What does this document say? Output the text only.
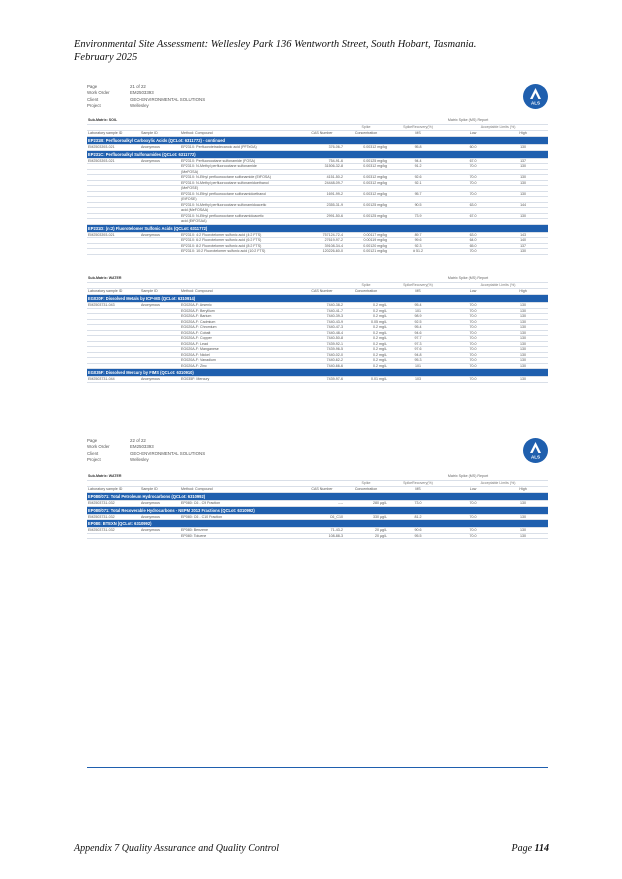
Environmental Site Assessment: Wellesley Park 136 Wentworth Street, South Hobart, Tasmania.
February 2025
Page	21 of 22
Work Order	EM2503393
Client	GEO-ENVIRONMENTAL SOLUTIONS
Project	Wellesley	ALS
Sub-Matrix: SOIL					Matrix Spike (MS) Report		
				Spike	SpikeRecovery(%)	Acceptable Limits (%)	
Laboratory sample ID	Sample ID	Method: Compound	CAS Number	Concentration	MS	Low	High
EP231B: Perfluoroalkyl Carboxylic Acids (QCLot: 6311772) - continued							
EM2503393-021	Anonymous	EP231X: Perfluorotetradecanoic acid (PFTeDA)	376-06-7	0.00312 mg/kg	95.8	60.0	130
EP231C: Perfluoroalkyl Sulfonamides (QCLot: 6311772)							
EM2503393-021	Anonymous	EP231X: Perfluorooctane sulfonamide (FOSA)	754-91-6	0.00125 mg/kg	94.4	67.0	137
		EP231X: N-Methyl perfluorooctane sulfonamide	31506-32-8	0.00312 mg/kg	91.2	70.0	130
		(MeFOSA)					
		EP231X: N-Ethyl perfluorooctane sulfonamide (EtFOSA)	4151-50-2	0.00312 mg/kg	92.6	70.0	130
		EP231X: N-Methyl perfluorooctane sulfonamidoethanol	24448-09-7	0.00312 mg/kg	92.1	70.0	130
		(MeFOSE)					
		EP231X: N-Ethyl perfluorooctane sulfonamidoethanol	1691-99-2	0.00312 mg/kg	95.7	70.0	130
		(EtFOSE)					
		EP231X: N-Methyl perfluorooctane sulfonamidoacetic	2355-31-9	0.00125 mg/kg	90.5	63.0	144
		acid (MeFOSAA)					
		EP231X: N-Ethyl perfluorooctane sulfonamidoacetic	2991-50-6	0.00125 mg/kg	73.9	67.0	130
		acid (EtFOSAA)					
EP231D: (n:2) Fluorotelomer Sulfonic Acids (QCLot: 6311772)							
EM2503393-021	Anonymous	EP231X: 4:2 Fluorotelomer sulfonic acid (4:2 FTS)	757124-72-4	0.00117 mg/kg	89.7	63.0	143
		EP231X: 6:2 Fluorotelomer sulfonic acid (6:2 FTS)	27619-97-2	0.00119 mg/kg	99.6	64.0	140
		EP231X: 8:2 Fluorotelomer sulfonic acid (8:2 FTS)	39108-34-4	0.00120 mg/kg	92.3	65.0	137
		EP231X: 10:2 Fluorotelomer sulfonic acid (10:2 FTS)	120226-60-0	0.00121 mg/kg	# 51.2	70.0	130
Sub-Matrix: WATER					Matrix Spike (MS) Report		
				Spike	SpikeRecovery(%)	Acceptable Limits (%)	
Laboratory sample ID	Sample ID	Method: Compound	CAS Number	Concentration	MS	Low	High
EG020F: Dissolved Metals by ICP-MS (QCLot: 6310914)							
EM2503731-043	Anonymous	EG020A-F: Arsenic	7440-38-2	0.2 mg/L	95.4	70.0	130
		EG020A-F: Beryllium	7440-41-7	0.2 mg/L	101	70.0	130
		EG020A-F: Barium	7440-39-3	0.2 mg/L	98.9	70.0	130
		EG020A-F: Cadmium	7440-43-9	0.05 mg/L	92.5	70.0	130
		EG020A-F: Chromium	7440-47-3	0.2 mg/L	95.4	70.0	130
		EG020A-F: Cobalt	7440-48-4	0.2 mg/L	94.6	70.0	130
		EG020A-F: Copper	7440-50-8	0.2 mg/L	97.7	70.0	130
		EG020A-F: Lead	7439-92-1	0.2 mg/L	97.3	70.0	130
		EG020A-F: Manganese	7439-96-5	0.2 mg/L	97.6	70.0	130
		EG020A-F: Nickel	7440-02-0	0.2 mg/L	94.8	70.0	130
		EG020A-F: Vanadium	7440-62-2	0.2 mg/L	95.3	70.0	130
		EG020A-F: Zinc	7440-66-6	0.2 mg/L	101	70.0	130
EG035F: Dissolved Mercury by FIMS (QCLot: 6310910)							
EM2503731-044	Anonymous	EG035F: Mercury	7439-97-6	0.01 mg/L	103	70.0	130
Page	22 of 22
Work Order	EM2503393
Client	GEO-ENVIRONMENTAL SOLUTIONS
Project	Wellesley	ALS
Sub-Matrix: WATER					Matrix Spike (MS) Report		
				Spike	SpikeRecovery(%)	Acceptable Limits (%)	
Laboratory sample ID	Sample ID	Method: Compound	CAS Number	Concentration	MS	Low	High
EP080/071: Total Petroleum Hydrocarbons (QCLot: 6310992)							
EM2503731-032	Anonymous	EP080: C6 - C9 Fraction	----	280 µg/L	73.0	70.0	130
EP080/071: Total Recoverable Hydrocarbons - NEPM 2013 Fractions (QCLot: 6310992)							
EM2503731-032	Anonymous	EP080: C6 - C10 Fraction	C6_C10	330 µg/L	81.2	70.0	130
EP080: BTEXN (QCLot: 6310992)							
EM2503731-032	Anonymous	EP080: Benzene	71-43-2	20 µg/L	90.6	70.0	130
		EP080: Toluene	108-88-3	20 µg/L	95.5	70.0	130
Appendix 7 Quality Assurance and Quality Control	Page 114
